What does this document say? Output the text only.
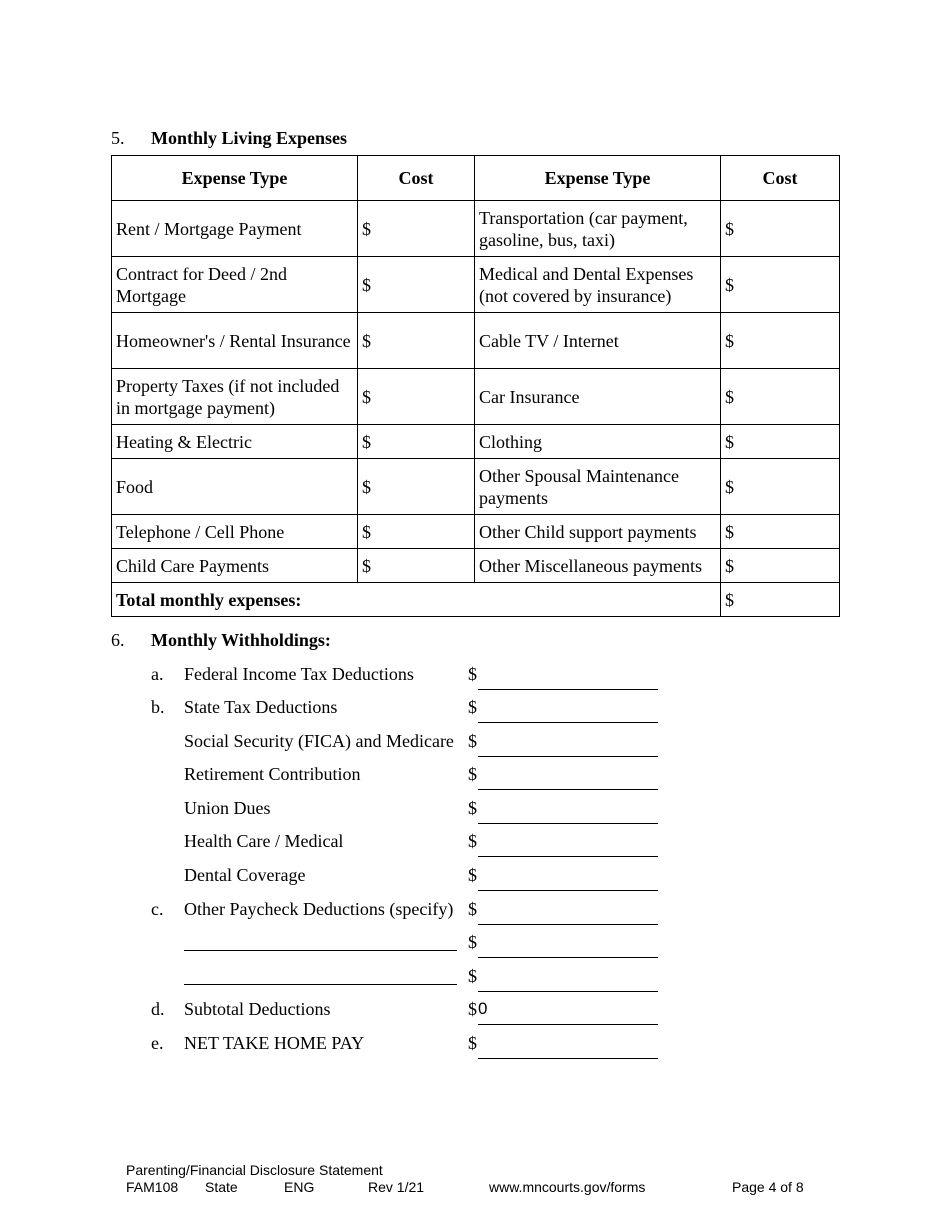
5. Monthly Living Expenses
Expense Type	Cost	Expense Type	Cost
Rent / Mortgage Payment	$	Transportation (car payment, gasoline, bus, taxi)	$
Contract for Deed / 2nd Mortgage	$	Medical and Dental Expenses (not covered by insurance)	$
Homeowner's / Rental Insurance	$	Cable TV / Internet	$
Property Taxes (if not included in mortgage payment)	$	Car Insurance	$
Heating & Electric	$	Clothing	$
Food	$	Other Spousal Maintenance payments	$
Telephone / Cell Phone	$	Other Child support payments	$
Child Care Payments	$	Other Miscellaneous payments	$
Total monthly expenses:			$
6. Monthly Withholdings:
a. Federal Income Tax Deductions	$
b. State Tax Deductions	$
Social Security (FICA) and Medicare $
Retirement Contribution	$
Union Dues	$
Health Care / Medical	$
Dental Coverage	$
c. Other Paycheck Deductions (specify) $
$
$
d. Subtotal Deductions	$ 0
e. NET TAKE HOME PAY	$
Parenting/Financial Disclosure Statement
FAM108 State	ENG	Rev 1/21	www.mncourts.gov/forms	Page 4 of 8
